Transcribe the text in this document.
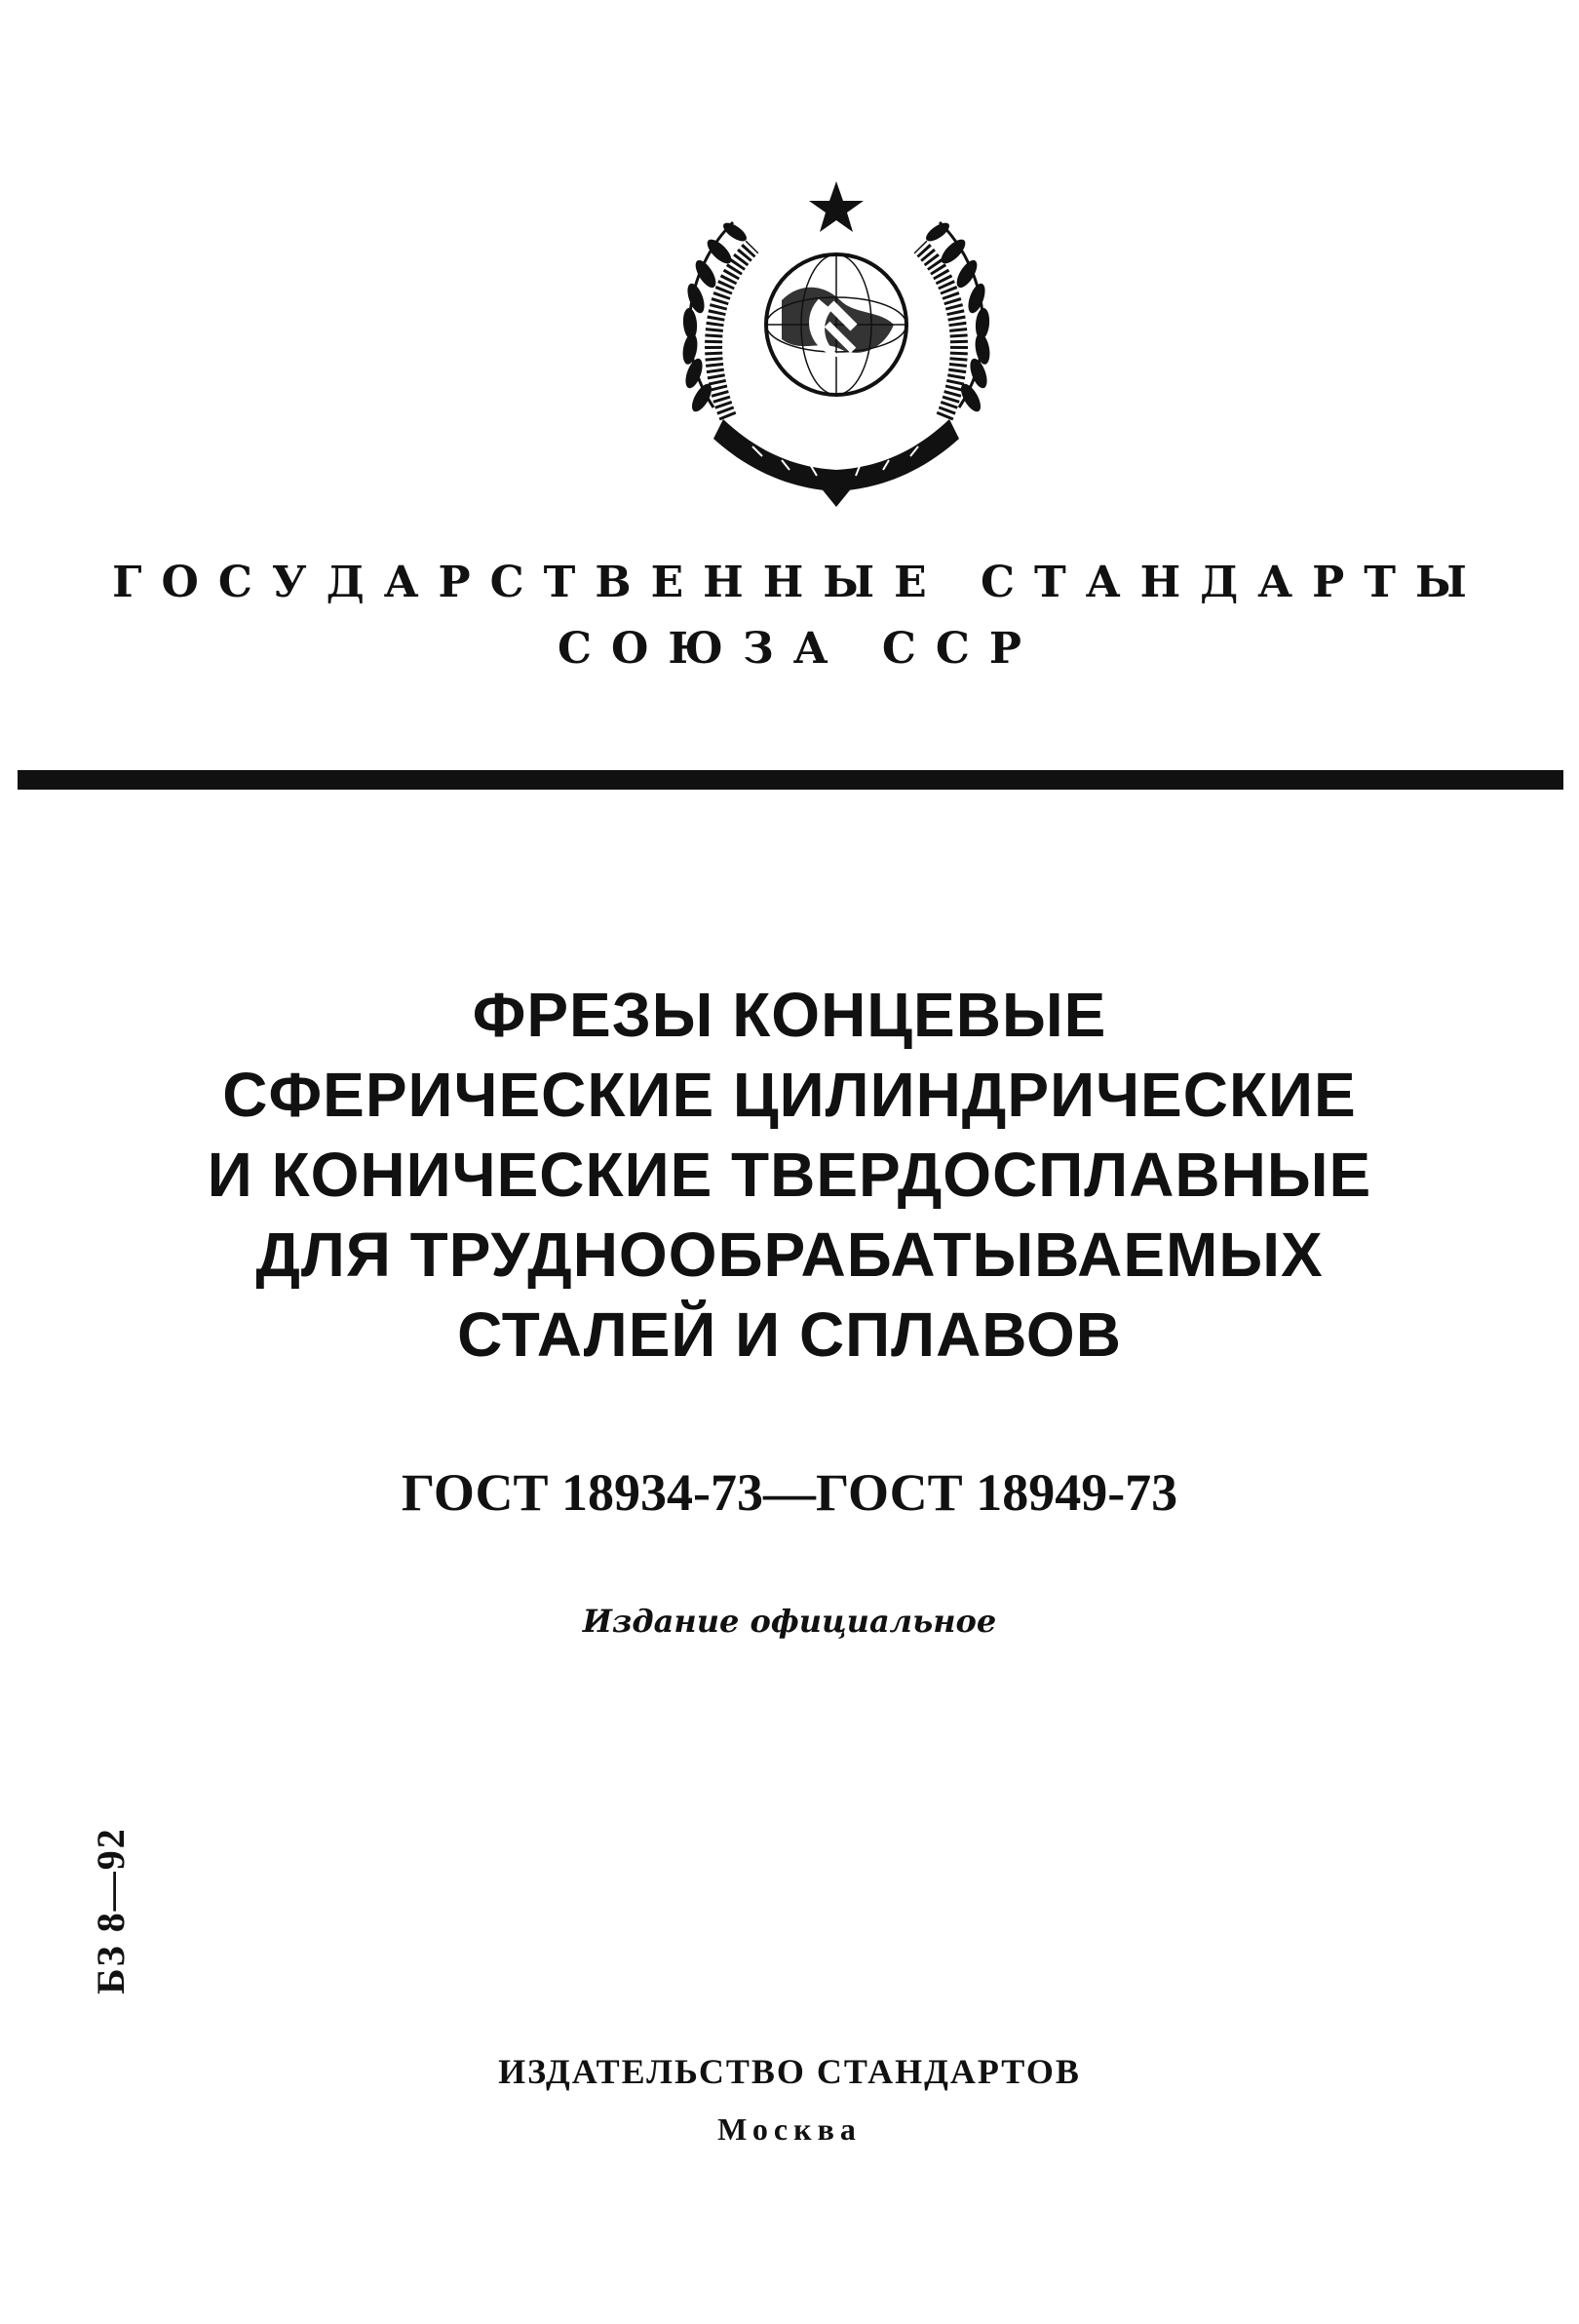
ГОСУДАРСТВЕННЫЕ СТАНДАРТЫ
СОЮЗА ССР
ФРЕЗЫ КОНЦЕВЫЕ
СФЕРИЧЕСКИЕ ЦИЛИНДРИЧЕСКИЕ
И КОНИЧЕСКИЕ ТВЕРДОСПЛАВНЫЕ
ДЛЯ ТРУДНООБРАБАТЫВАЕМЫХ
СТАЛЕЙ И СПЛАВОВ
ГОСТ 18934-73—ГОСТ 18949-73
Издание официальное
БЗ 8—92
ИЗДАТЕЛЬСТВО СТАНДАРТОВ
Москва
